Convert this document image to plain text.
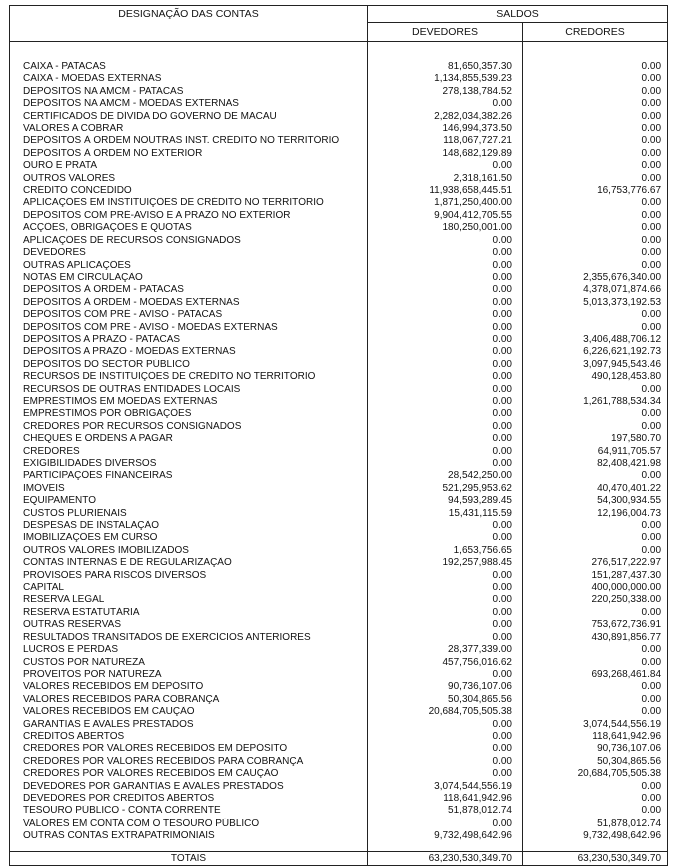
DESIGNAÇÃO DAS CONTAS	SALDOS	
	DEVEDORES	CREDORES

CAIXA - PATACAS	81,650,357.30	0.00
CAIXA - MOEDAS EXTERNAS	1,134,855,539.23	0.00
DEPÓSITOS NA AMCM - PATACAS	278,138,784.52	0.00
DEPÓSITOS NA AMCM - MOEDAS EXTERNAS	0.00	0.00
CERTIFICADOS DE DÍVIDA DO GOVERNO DE MACAU	2,282,034,382.26	0.00
VALORES A COBRAR	146,994,373.50	0.00
DEPÓSITOS À ORDEM NOUTRAS INST. CRÉDITO NO TERRITÓRIO	118,067,727.21	0.00
DEPÓSITOS À ORDEM NO EXTERIOR	148,682,129.89	0.00
OURO E PRATA	0.00	0.00
OUTROS VALORES	2,318,161.50	0.00
CRÉDITO CONCEDIDO	11,938,658,445.51	16,753,776.67
APLICAÇÕES EM INSTITUIÇÕES DE CRÉDITO NO TERRITÓRIO	1,871,250,400.00	0.00
DEPÓSITOS COM PRÉ-AVISO E A PRAZO NO EXTERIOR	9,904,412,705.55	0.00
ACÇÕES, OBRIGAÇÕES E QUOTAS	180,250,001.00	0.00
APLICAÇÕES DE RECURSOS CONSIGNADOS	0.00	0.00
DEVEDORES	0.00	0.00
OUTRAS APLICAÇÕES	0.00	0.00
NOTAS EM CIRCULAÇÃO	0.00	2,355,676,340.00
DEPÓSITOS À ORDEM - PATACAS	0.00	4,378,071,874.66
DEPÓSITOS À ORDEM - MOEDAS EXTERNAS	0.00	5,013,373,192.53
DEPÓSITOS COM PRÉ - AVISO - PATACAS	0.00	0.00
DEPÓSITOS COM PRÉ - AVISO - MOEDAS EXTERNAS	0.00	0.00
DEPÓSITOS A PRAZO - PATACAS	0.00	3,406,488,706.12
DEPÓSITOS A PRAZO - MOEDAS EXTERNAS	0.00	6,226,621,192.73
DEPÓSITOS DO SECTOR PÚBLICO	0.00	3,097,945,543.46
RECURSOS DE INSTITUIÇÕES DE CRÉDITO NO TERRITÓRIO	0.00	490,128,453.80
RECURSOS DE OUTRAS ENTIDADES LOCAIS	0.00	0.00
EMPRÉSTIMOS EM MOEDAS EXTERNAS	0.00	1,261,788,534.34
EMPRÉSTIMOS POR OBRIGAÇÕES	0.00	0.00
CREDORES POR RECURSOS CONSIGNADOS	0.00	0.00
CHEQUES E ORDENS A PAGAR	0.00	197,580.70
CREDORES	0.00	64,911,705.57
EXIGIBILIDADES DIVERSOS	0.00	82,408,421.98
PARTICIPAÇÕES FINANCEIRAS	28,542,250.00	0.00
IMÓVEIS	521,295,953.62	40,470,401.22
EQUIPAMENTO	94,593,289.45	54,300,934.55
CUSTOS PLURIENAIS	15,431,115.59	12,196,004.73
DESPESAS DE INSTALAÇÃO	0.00	0.00
IMOBILIZAÇÕES EM CURSO	0.00	0.00
OUTROS VALORES IMOBILIZADOS	1,653,756.65	0.00
CONTAS INTERNAS E DE REGULARIZAÇÃO	192,257,988.45	276,517,222.97
PROVISÕES PARA RISCOS DIVERSOS	0.00	151,287,437.30
CAPITAL	0.00	400,000,000.00
RESERVA LEGAL	0.00	220,250,338.00
RESERVA ESTATUTÁRIA	0.00	0.00
OUTRAS RESERVAS	0.00	753,672,736.91
RESULTADOS TRANSITADOS DE EXERCÍCIOS ANTERIORES	0.00	430,891,856.77
LUCROS E PERDAS	28,377,339.00	0.00
CUSTOS POR NATUREZA	457,756,016.62	0.00
PROVEITOS POR NATUREZA	0.00	693,268,461.84
VALORES RECEBIDOS EM DEPÓSITO	90,736,107.06	0.00
VALORES RECEBIDOS PARA COBRANÇA	50,304,865.56	0.00
VALORES RECEBIDOS EM CAUÇÃO	20,684,705,505.38	0.00
GARANTIAS E AVALES PRESTADOS	0.00	3,074,544,556.19
CRÉDITOS ABERTOS	0.00	118,641,942.96
CREDORES POR VALORES RECEBIDOS EM DEPÓSITO	0.00	90,736,107.06
CREDORES POR VALORES RECEBIDOS PARA COBRANÇA	0.00	50,304,865.56
CREDORES POR VALORES RECEBIDOS EM CAUÇÃO	0.00	20,684,705,505.38
DEVEDORES POR GARANTIAS E AVALES PRESTADOS	3,074,544,556.19	0.00
DEVEDORES POR CRÉDITOS ABERTOS	118,641,942.96	0.00
TESOURO PÚBLICO - CONTA CORRENTE	51,878,012.74	0.00
VALORES EM CONTA COM O TESOURO PÚBLICO	0.00	51,878,012.74
OUTRAS CONTAS EXTRAPATRIMONIAIS	9,732,498,642.96	9,732,498,642.96

TOTAIS	63,230,530,349.70	63,230,530,349.70
